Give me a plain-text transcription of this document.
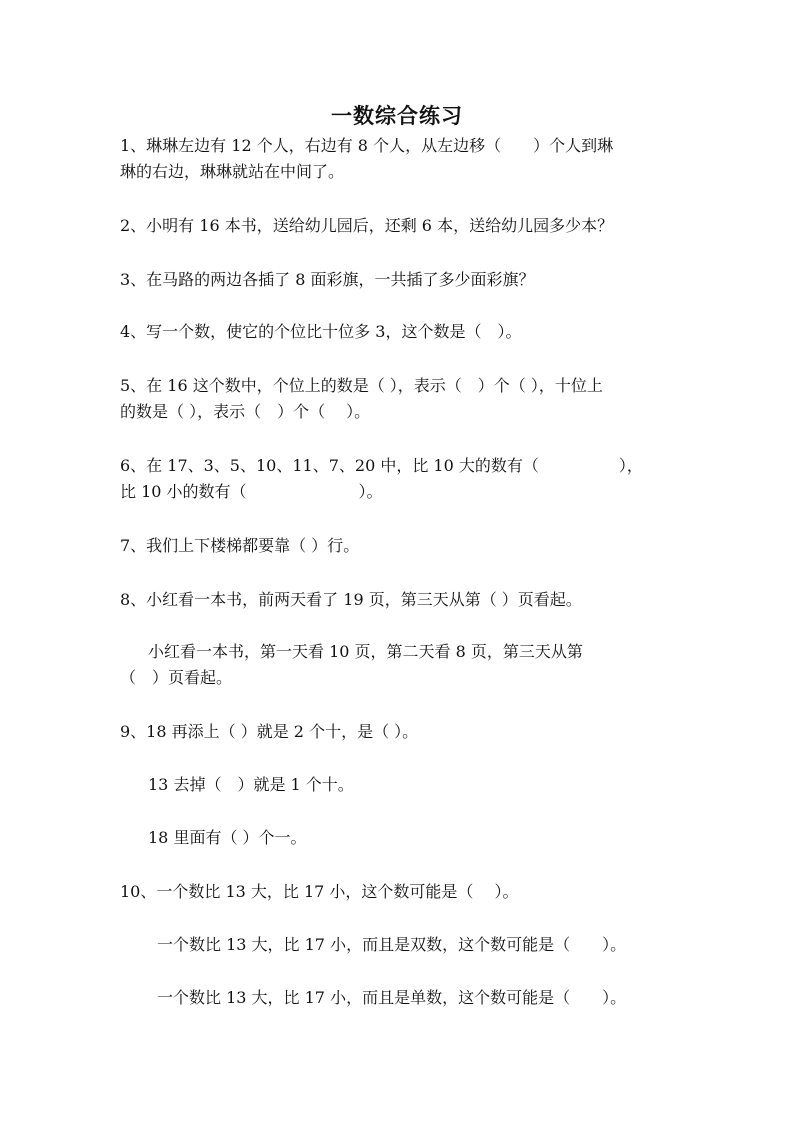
一数综合练习
1、琳琳左边有 12 个人，右边有 8 个人，从左边移（　　）个人到琳
琳的右边，琳琳就站在中间了。
2、小明有 16 本书，送给幼儿园后，还剩 6 本，送给幼儿园多少本？
3、在马路的两边各插了 8 面彩旗，一共插了多少面彩旗？
4、写一个数，使它的个位比十位多 3，这个数是（　）。
5、在 16 这个数中，个位上的数是（ ），表示（　）个（ ），十位上
的数是（ ），表示（　）个（　 ）。
6、在 17、3、5、10、11、7、20 中，比 10 大的数有（　　　　　），
比 10 小的数有（　　　　　　　）。
7、我们上下楼梯都要靠（ ）行。
8、小红看一本书，前两天看了 19 页，第三天从第（ ）页看起。
小红看一本书，第一天看 10 页，第二天看 8 页，第三天从第
（　）页看起。
9、18 再添上（ ）就是 2 个十，是（ ）。
13 去掉（　）就是 1 个十。
18 里面有（ ）个一。
10、一个数比 13 大，比 17 小，这个数可能是（　 ）。
一个数比 13 大，比 17 小，而且是双数，这个数可能是（　　）。
一个数比 13 大，比 17 小，而且是单数，这个数可能是（　　）。
